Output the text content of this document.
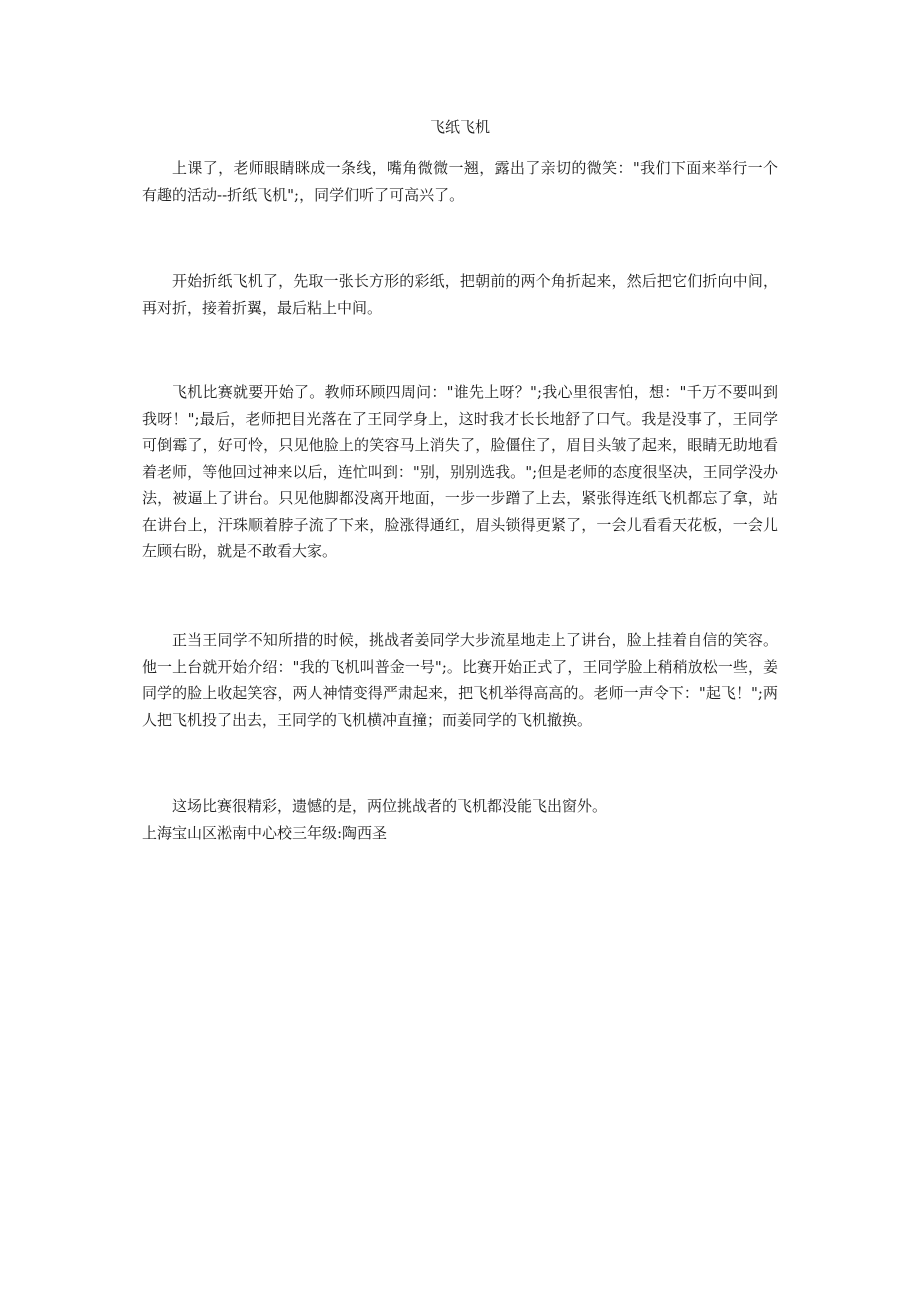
飞纸飞机

上课了，老师眼睛眯成一条线，嘴角微微一翘，露出了亲切的微笑："我们下面来举行一个有趣的活动--折纸飞机";，同学们听了可高兴了。

开始折纸飞机了，先取一张长方形的彩纸，把朝前的两个角折起来，然后把它们折向中间，再对折，接着折翼，最后粘上中间。

飞机比赛就要开始了。教师环顾四周问："谁先上呀？";我心里很害怕，想："千万不要叫到我呀！";最后，老师把目光落在了王同学身上，这时我才长长地舒了口气。我是没事了，王同学可倒霉了，好可怜，只见他脸上的笑容马上消失了，脸僵住了，眉目头皱了起来，眼睛无助地看着老师，等他回过神来以后，连忙叫到："别，别别选我。";但是老师的态度很坚决，王同学没办法，被逼上了讲台。只见他脚都没离开地面，一步一步蹭了上去，紧张得连纸飞机都忘了拿，站在讲台上，汗珠顺着脖子流了下来，脸涨得通红，眉头锁得更紧了，一会儿看看天花板，一会儿左顾右盼，就是不敢看大家。

正当王同学不知所措的时候，挑战者姜同学大步流星地走上了讲台，脸上挂着自信的笑容。他一上台就开始介绍："我的飞机叫普金一号";。比赛开始正式了，王同学脸上稍稍放松一些，姜同学的脸上收起笑容，两人神情变得严肃起来，把飞机举得高高的。老师一声令下："起飞！";两人把飞机投了出去，王同学的飞机横冲直撞；而姜同学的飞机撤换。

这场比赛很精彩，遗憾的是，两位挑战者的飞机都没能飞出窗外。

上海宝山区淞南中心校三年级:陶西圣
